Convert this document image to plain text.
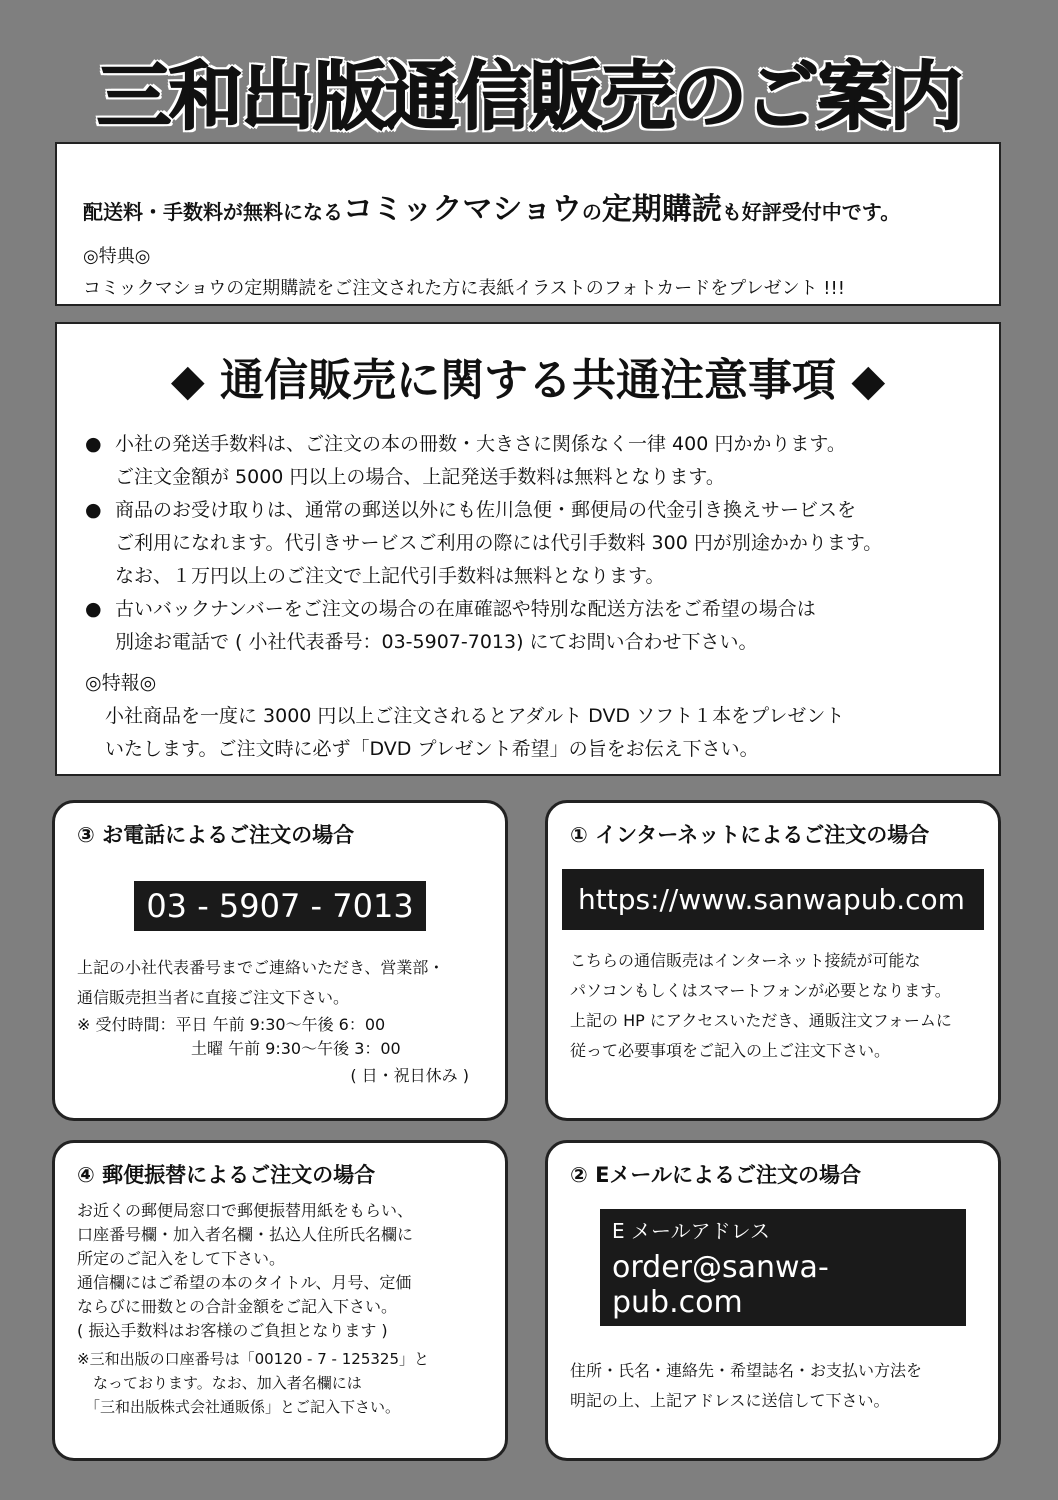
三和出版通信販売のご案内
配送料・手数料が無料になるコミックマショウの定期購読も好評受付中です。
◎特典◎
コミックマショウの定期購読をご注文された方に表紙イラストのフォトカードをプレゼント !!!
◆ 通信販売に関する共通注意事項 ◆
● 小社の発送手数料は、ご注文の本の冊数・大きさに関係なく一律 400 円かかります。
ご注文金額が 5000 円以上の場合、上記発送手数料は無料となります。
● 商品のお受け取りは、通常の郵送以外にも佐川急便・郵便局の代金引き換えサービスを
ご利用になれます。代引きサービスご利用の際には代引手数料 300 円が別途かかります。
なお、１万円以上のご注文で上記代引手数料は無料となります。
● 古いバックナンバーをご注文の場合の在庫確認や特別な配送方法をご希望の場合は
別途お電話で ( 小社代表番号：03-5907-7013) にてお問い合わせ下さい。
◎特報◎
小社商品を一度に 3000 円以上ご注文されるとアダルト DVD ソフト１本をプレゼント
いたします。ご注文時に必ず「DVD プレゼント希望」の旨をお伝え下さい。
③ お電話によるご注文の場合
03 - 5907 - 7013
上記の小社代表番号までご連絡いただき、営業部・
通信販売担当者に直接ご注文下さい。
※ 受付時間：平日 午前 9:30〜午後 6：00
土曜 午前 9:30〜午後 3：00
( 日・祝日休み )
① インターネットによるご注文の場合
https://www.sanwapub.com
こちらの通信販売はインターネット接続が可能な
パソコンもしくはスマートフォンが必要となります。
上記の HP にアクセスいただき、通販注文フォームに
従って必要事項をご記入の上ご注文下さい。
④ 郵便振替によるご注文の場合
お近くの郵便局窓口で郵便振替用紙をもらい、
口座番号欄・加入者名欄・払込人住所氏名欄に
所定のご記入をして下さい。
通信欄にはご希望の本のタイトル、月号、定価
ならびに冊数との合計金額をご記入下さい。
( 振込手数料はお客様のご負担となります )
※三和出版の口座番号は「00120 - 7 - 125325」と
なっております。なお、加入者名欄には
「三和出版株式会社通販係」とご記入下さい。
② Eメールによるご注文の場合
E メールアドレス
order@sanwa-pub.com
住所・氏名・連絡先・希望誌名・お支払い方法を
明記の上、上記アドレスに送信して下さい。
